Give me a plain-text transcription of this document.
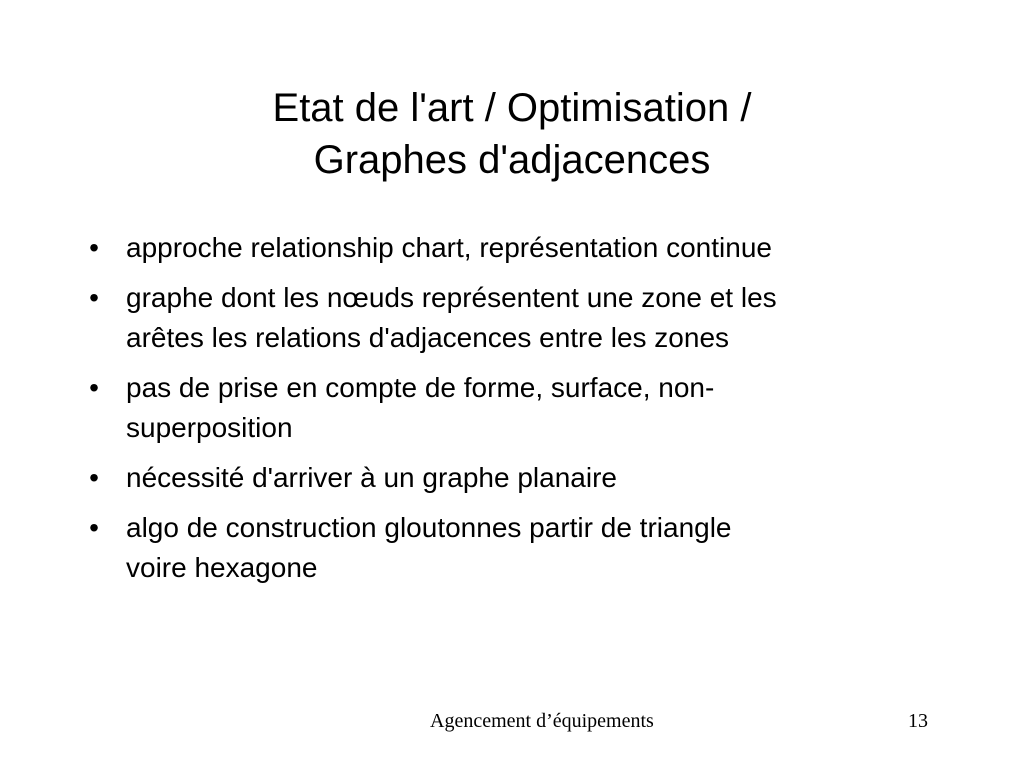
Etat de l'art / Optimisation /
Graphes d'adjacences
• approche relationship chart, représentation continue
• graphe dont les nœuds représentent une zone et les
arêtes les relations d'adjacences entre les zones
• pas de prise en compte de forme, surface, non-
superposition
• nécessité d'arriver à un graphe planaire
• algo de construction gloutonnes partir de triangle
voire hexagone
Agencement d’équipements	13
